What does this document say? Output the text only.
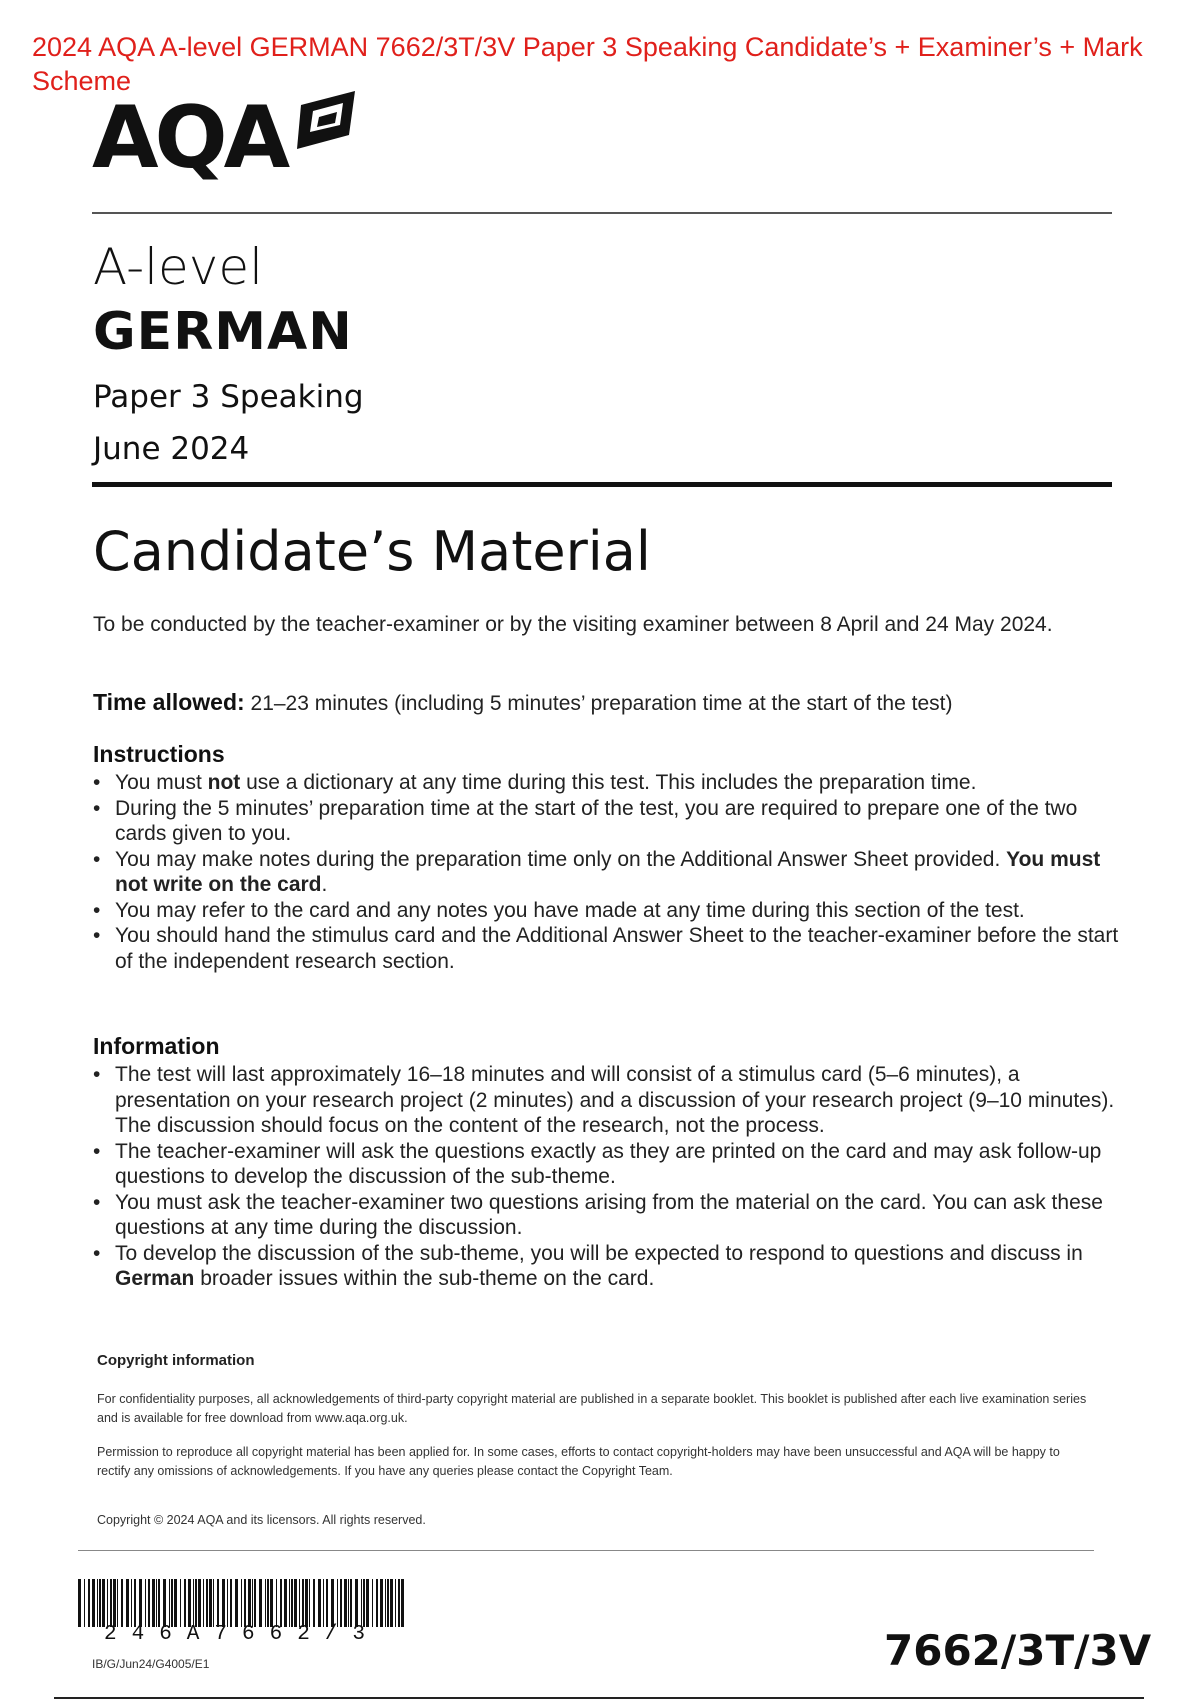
2024 AQA A-level GERMAN 7662/3T/3V Paper 3 Speaking Candidate’s + Examiner’s + Mark Scheme
AQA
A-level
GERMAN
Paper 3 Speaking
June 2024
Candidate’s Material
To be conducted by the teacher-examiner or by the visiting examiner between 8 April and 24 May 2024.
Time allowed: 21–23 minutes (including 5 minutes’ preparation time at the start of the test)
Instructions
• You must not use a dictionary at any time during this test. This includes the preparation time.
• During the 5 minutes’ preparation time at the start of the test, you are required to prepare one of the two cards given to you.
• You may make notes during the preparation time only on the Additional Answer Sheet provided. You must not write on the card.
• You may refer to the card and any notes you have made at any time during this section of the test.
• You should hand the stimulus card and the Additional Answer Sheet to the teacher-examiner before the start of the independent research section.
Information
• The test will last approximately 16–18 minutes and will consist of a stimulus card (5–6 minutes), a presentation on your research project (2 minutes) and a discussion of your research project (9–10 minutes). The discussion should focus on the content of the research, not the process.
• The teacher-examiner will ask the questions exactly as they are printed on the card and may ask follow-up questions to develop the discussion of the sub-theme.
• You must ask the teacher-examiner two questions arising from the material on the card. You can ask these questions at any time during the discussion.
• To develop the discussion of the sub-theme, you will be expected to respond to questions and discuss in German broader issues within the sub-theme on the card.
Copyright information
For confidentiality purposes, all acknowledgements of third-party copyright material are published in a separate booklet. This booklet is published after each live examination series and is available for free download from www.aqa.org.uk.
Permission to reproduce all copyright material has been applied for. In some cases, efforts to contact copyright-holders may have been unsuccessful and AQA will be happy to rectify any omissions of acknowledgements. If you have any queries please contact the Copyright Team.
Copyright © 2024 AQA and its licensors. All rights reserved.
246A7662/3
IB/G/Jun24/G4005/E1	7662/3T/3V
